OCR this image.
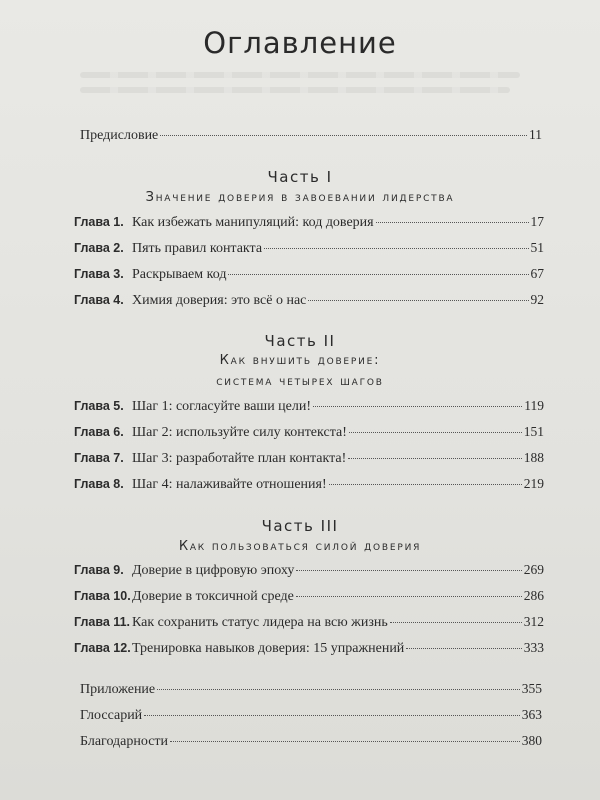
Оглавление
Предисловие	11
Часть I
Значение доверия в завоевании лидерства
Глава 1. Как избежать манипуляций: код доверия	17
Глава 2. Пять правил контакта	51
Глава 3. Раскрываем код	67
Глава 4. Химия доверия: это всё о нас	92
Часть II
Как внушить доверие:
система четырех шагов
Глава 5. Шаг 1: согласуйте ваши цели!	119
Глава 6. Шаг 2: используйте силу контекста!	151
Глава 7. Шаг 3: разработайте план контакта!	188
Глава 8. Шаг 4: налаживайте отношения!	219
Часть III
Как пользоваться силой доверия
Глава 9. Доверие в цифровую эпоху	269
Глава 10. Доверие в токсичной среде	286
Глава 11. Как сохранить статус лидера на всю жизнь	312
Глава 12. Тренировка навыков доверия: 15 упражнений	333
Приложение	355
Глоссарий	363
Благодарности	380
